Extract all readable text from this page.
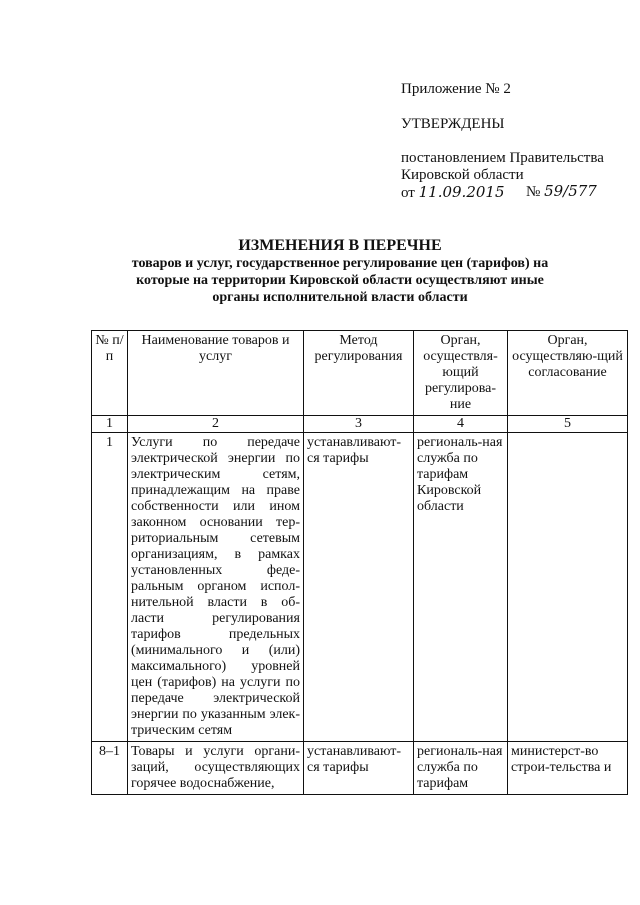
Приложение № 2
УТВЕРЖДЕНЫ
постановлением Правительства
Кировской области
от 11.09.2015 № 59/577
ИЗМЕНЕНИЯ В ПЕРЕЧНЕ
товаров и услуг, государственное регулирование цен (тарифов) на
которые на территории Кировской области осуществляют иные
органы исполнительной власти области
№ п/п	Наименование товаров и услуг	Метод регулирования	Орган, осуществля-ющий регулирова-ние	Орган, осуществляю-щий согласование
1	2	3	4	5
1	Услуги по передаче электрической энергии по электрическим сетям, принадлежащим на праве собственности или ином законном основании тер-риториальным сетевым организациям, в рамках установленных феде-ральным органом испол-нительной власти в об-ласти регулирования тарифов предельных (минимального и (или) максимального) уровней цен (тарифов) на услуги по передаче электрической энергии по указанным элек-трическим сетям	устанавливают-ся тарифы	региональ-ная служба по тарифам Кировской области	
8–1	Товары и услуги органи-заций, осуществляющих горячее водоснабжение,	устанавливают-ся тарифы	региональ-ная служба по тарифам	министерст-во строи-тельства и
